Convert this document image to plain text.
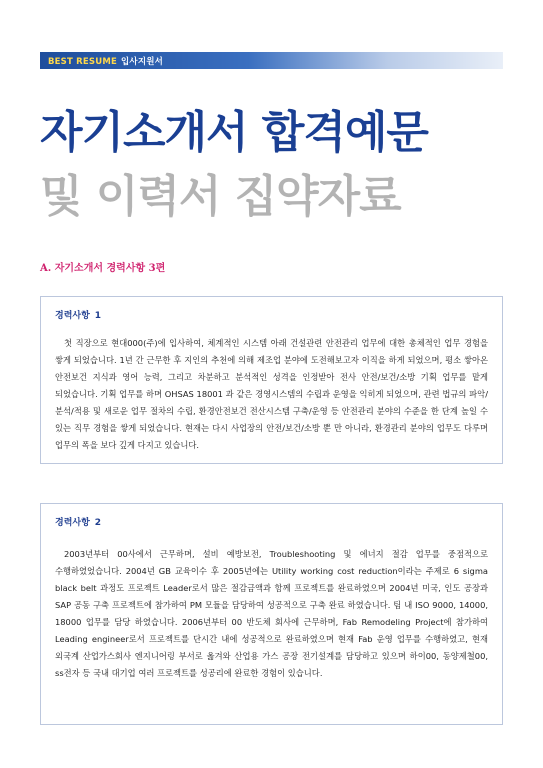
BEST RESUME 입사지원서
자기소개서 합격예문
및 이력서 집약자료
A. 자기소개서 경력사항 3편
경력사항 1
첫 직장으로 현대000(주)에 입사하여, 체계적인 시스템 아래 건설관련 안전관리 업무에 대한 총체적인 업무 경험을 쌓게 되었습니다. 1년 간 근무한 후 지인의 추천에 의해 제조업 분야에 도전해보고자 이직을 하게 되었으며, 평소 쌓아온 안전보건 지식과 영어 능력, 그리고 차분하고 분석적인 성격을 인정받아 전사 안전/보건/소방 기획 업무를 맡게 되었습니다. 기획 업무를 하며 OHSAS 18001 과 같은 경영시스템의 수립과 운영을 익히게 되었으며, 관련 법규의 파악/분석/적용 및 새로운 업무 절차의 수립, 환경안전보건 전산시스템 구축/운영 등 안전관리 분야의 수준을 한 단계 높일 수 있는 직무 경험을 쌓게 되었습니다. 현재는 다시 사업장의 안전/보건/소방 뿐 만 아니라, 환경관리 분야의 업무도 다루며 업무의 폭을 보다 깊게 다지고 있습니다.
경력사항 2
2003년부터 00사에서 근무하며, 설비 예방보전, Troubleshooting 및 에너지 절감 업무를 중점적으로 수행하였었습니다. 2004년 GB 교육이수 후 2005년에는 Utility working cost reduction이라는 주제로 6 sigma black belt 과정도 프로젝트 Leader로서 많은 절감금액과 함께 프로젝트를 완료하였으며 2004년 미국, 인도 공장과 SAP 공동 구축 프로젝트에 참가하여 PM 모듈을 담당하여 성공적으로 구축 완료 하였습니다. 팀 내 ISO 9000, 14000, 18000 업무를 담당 하였습니다. 2006년부터 00 반도체 회사에 근무하며, Fab Remodeling Project에 참가하여 Leading engineer로서 프로젝트를 단시간 내에 성공적으로 완료하였으며 현재 Fab 운영 업무를 수행하였고, 현재 외국계 산업가스회사 엔지니어링 부서로 옮겨와 산업용 가스 공장 전기설계를 담당하고 있으며 하이00, 동양제철00, ss전자 등 국내 대기업 여러 프로젝트를 성공리에 완료한 경험이 있습니다.
